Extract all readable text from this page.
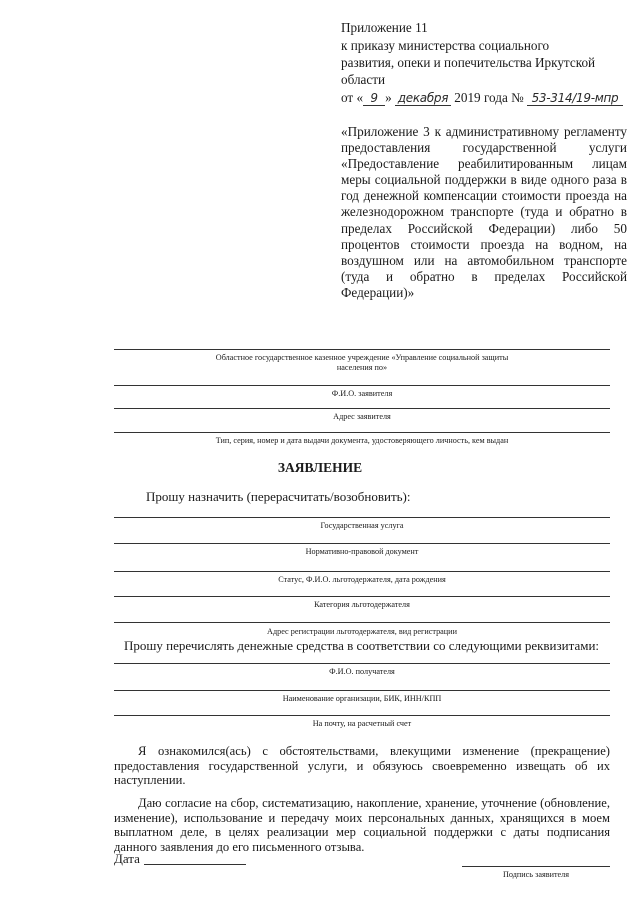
Приложение 11
к приказу министерства социального
развития, опеки и попечительства Иркутской
области
от « 9 » декабря 2019 года № 53-314/19-мпр
«Приложение 3 к административному регламенту предоставления государственной услуги «Предоставление реабилитированным лицам меры социальной поддержки в виде одного раза в год денежной компенсации стоимости проезда на железнодорожном транспорте (туда и обратно в пределах Российской Федерации) либо 50 процентов стоимости проезда на водном, на воздушном или на автомобильном транспорте (туда и обратно в пределах Российской Федерации)»
Областное государственное казенное учреждение «Управление социальной защиты
населения по»
Ф.И.О. заявителя
Адрес заявителя
Тип, серия, номер и дата выдачи документа, удостоверяющего личность, кем выдан
ЗАЯВЛЕНИЕ
Прошу назначить (перерасчитать/возобновить):
Государственная услуга
Нормативно-правовой документ
Статус, Ф.И.О. льготодержателя, дата рождения
Категория льготодержателя
Адрес регистрации льготодержателя, вид регистрации
Прошу перечислять денежные средства в соответствии со следующими реквизитами:
Ф.И.О. получателя
Наименование организации, БИК, ИНН/КПП
На почту, на расчетный счет
Я ознакомился(ась) с обстоятельствами, влекущими изменение (прекращение) предоставления государственной услуги, и обязуюсь своевременно извещать об их наступлении.
Даю согласие на сбор, систематизацию, накопление, хранение, уточнение (обновление, изменение), использование и передачу моих персональных данных, хранящихся в моем выплатном деле, в целях реализации мер социальной поддержки с даты подписания данного заявления до его письменного отзыва.
Дата
Подпись заявителя
